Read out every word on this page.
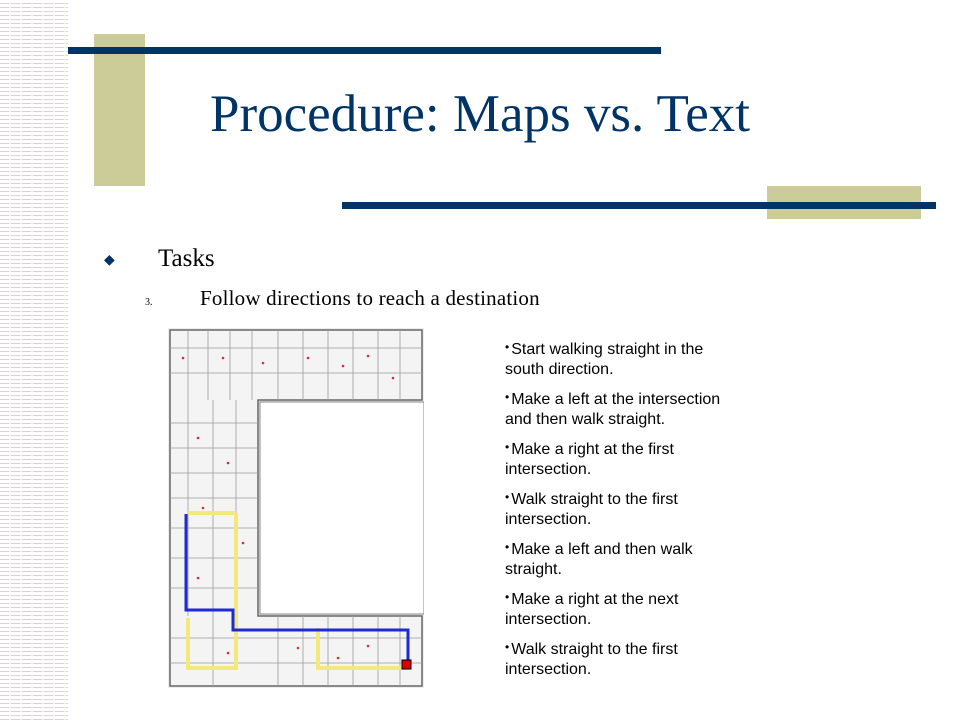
Procedure: Maps vs. Text
◆ Tasks
3. Follow directions to reach a destination
• Start walking straight in the south direction.
• Make a left at the intersection and then walk straight.
• Make a right at the first intersection.
• Walk straight to the first intersection.
• Make a left and then walk straight.
• Make a right at the next intersection.
• Walk straight to the first intersection.
